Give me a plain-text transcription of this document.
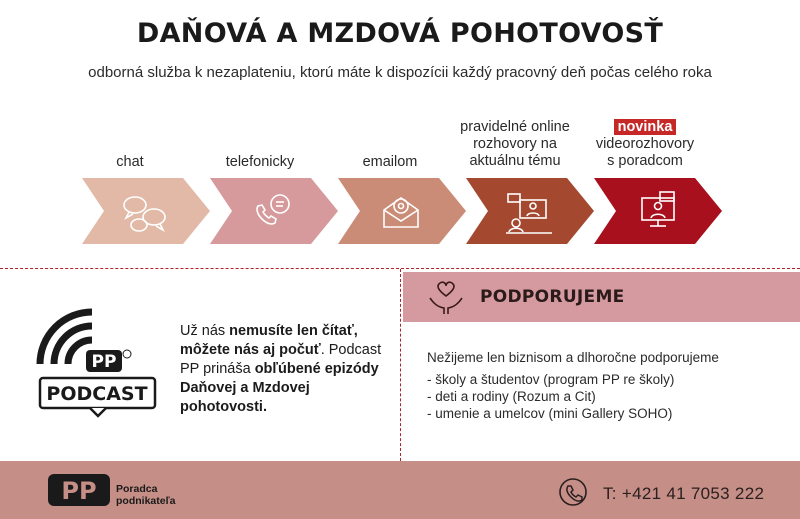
DAŇOVÁ A MZDOVÁ POHOTOVOSŤ
odborná služba k nezaplateniu, ktorú máte k dispozícii každý pracovný deň počas celého roka
chat	telefonicky	emailom
pravidelné online
rozhovory na
aktuálnu tému
novinka
videorozhovory
s poradcom
PP
PODCAST
Už nás nemusíte len čítať, môžete nás aj počuť. Podcast PP prináša obľúbené epizódy Daňovej a Mzdovej pohotovosti.
PODPORUJEME
Nežijeme len biznisom a dlhoročne podporujeme
- školy a študentov (program PP re školy)
- deti a rodiny (Rozum a Cit)
- umenie a umelcov (mini Gallery SOHO)
PP Poradca
podnikateľa	T: +421 41 7053 222
